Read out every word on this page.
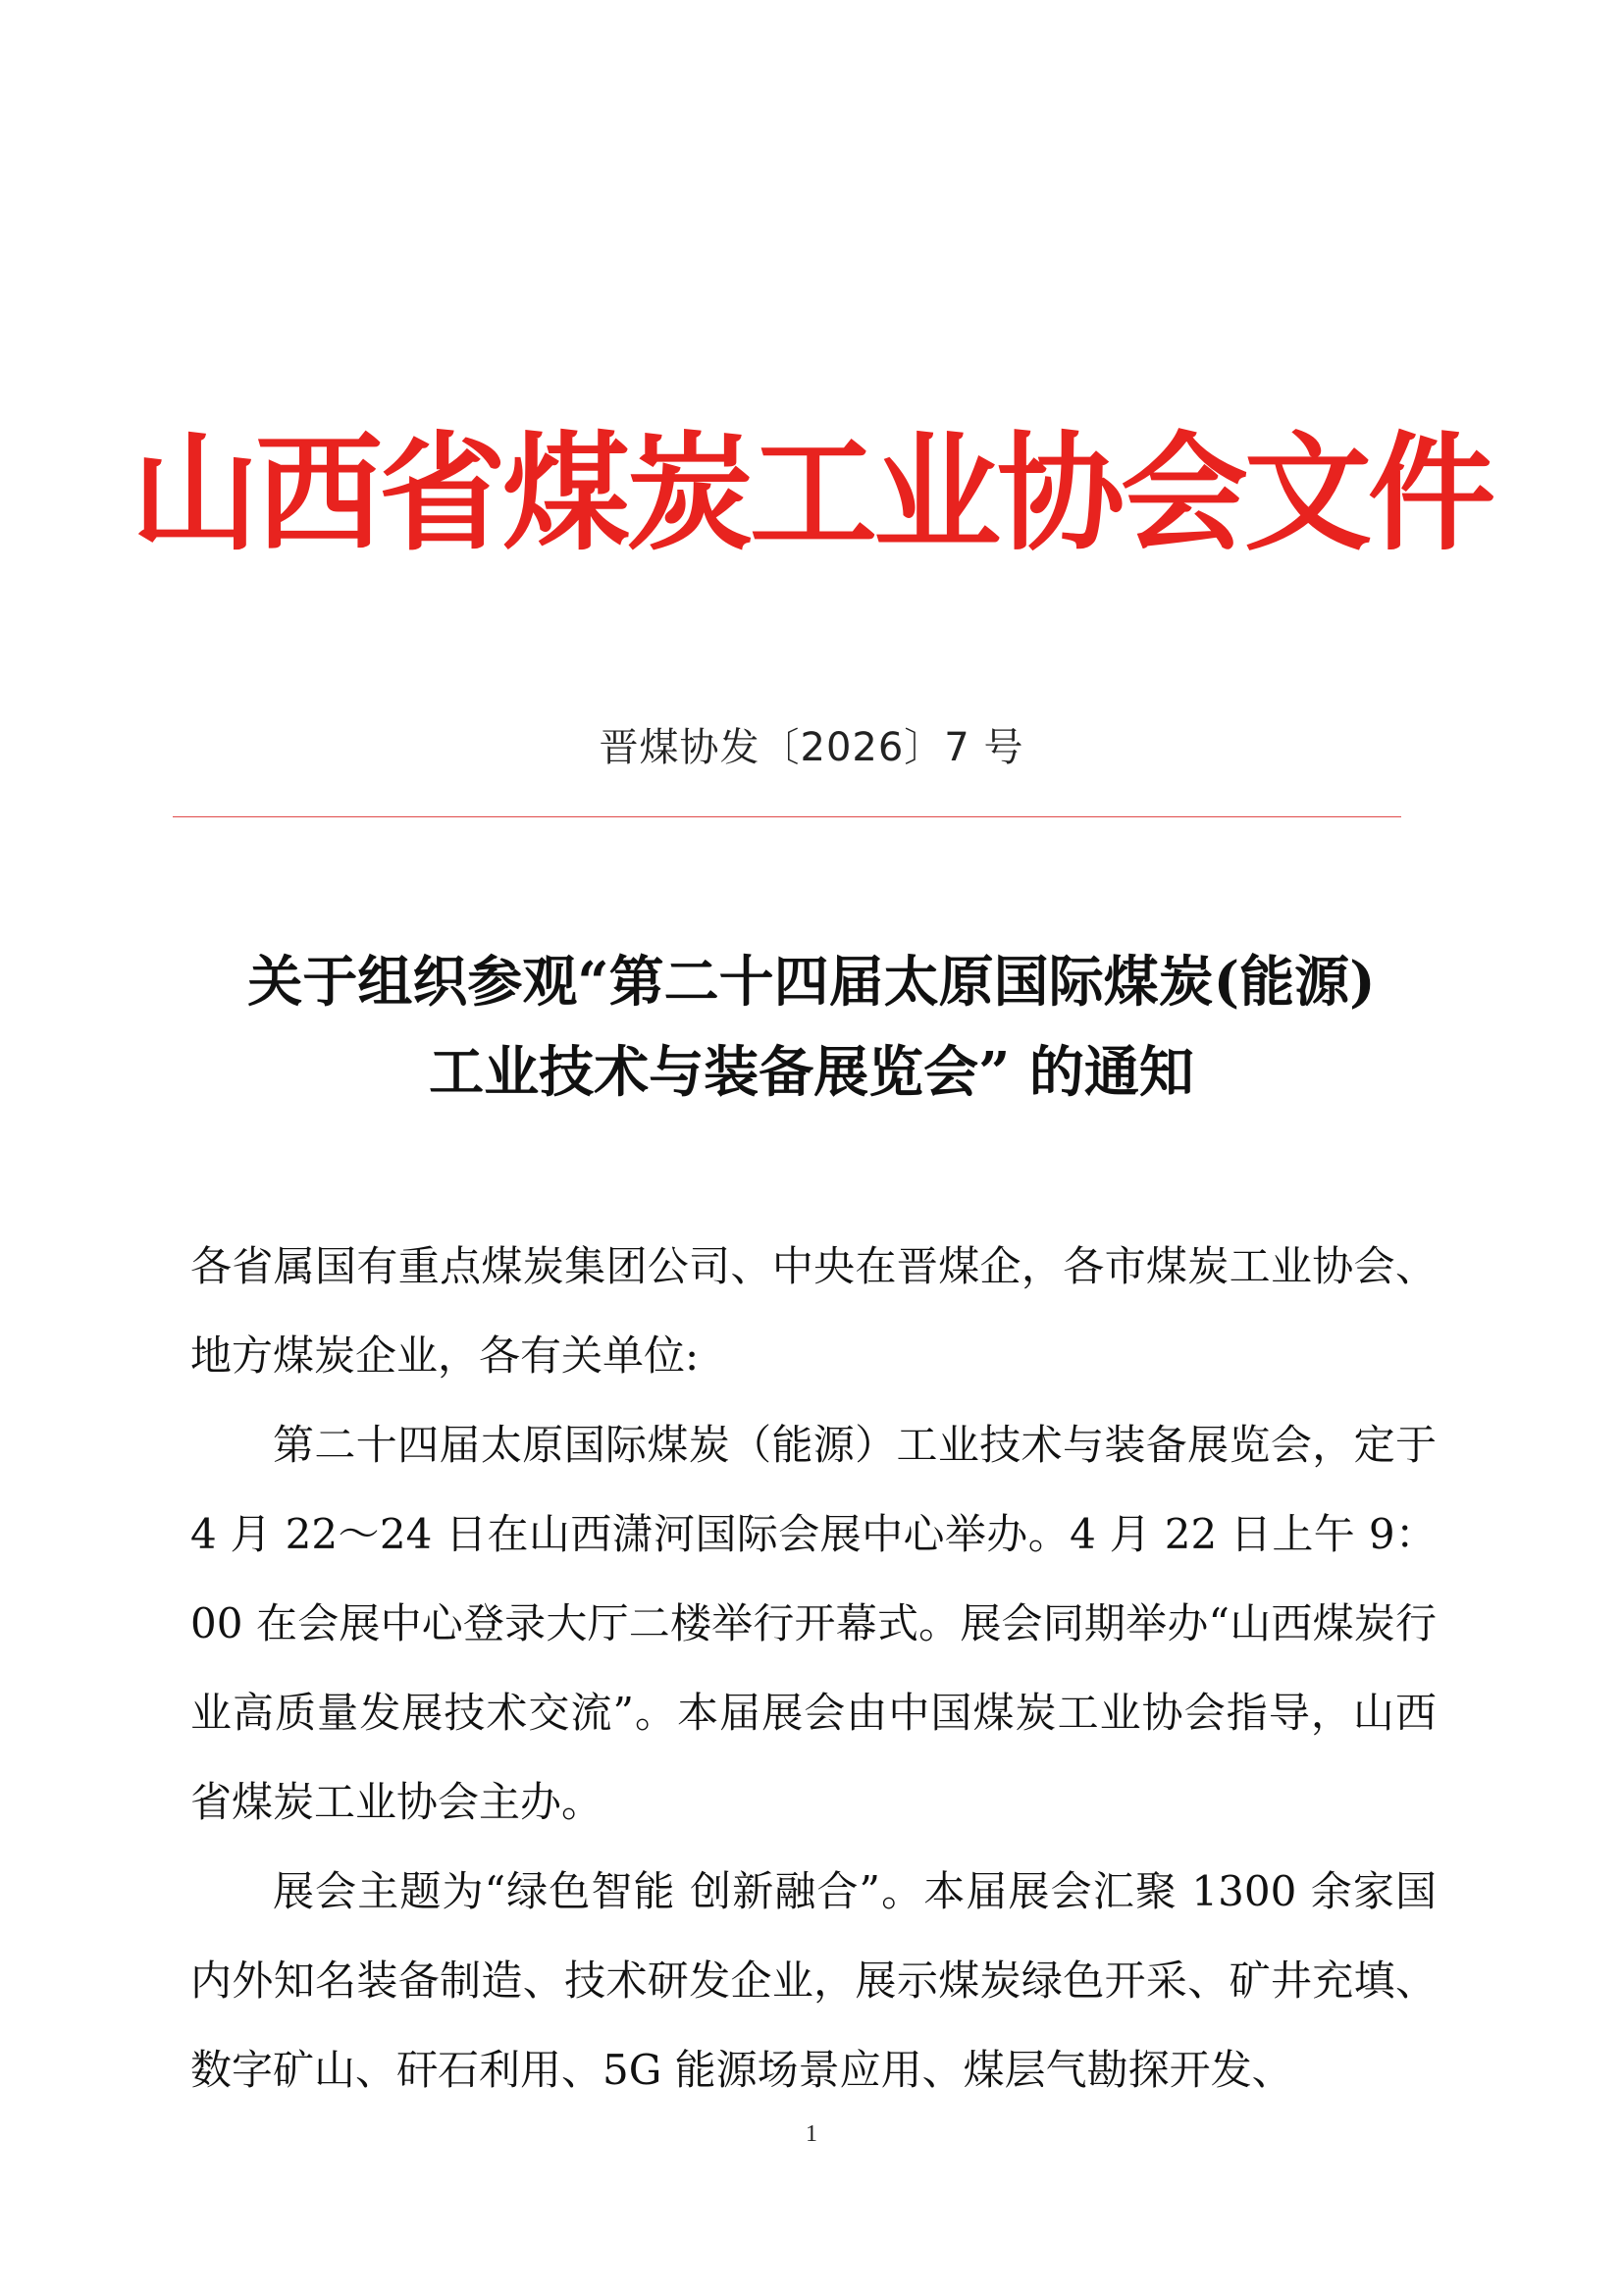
山西省煤炭工业协会文件
晋煤协发〔2026〕7 号
关于组织参观“第二十四届太原国际煤炭(能源)
工业技术与装备展览会” 的通知

各省属国有重点煤炭集团公司、中央在晋煤企，各市煤炭工业协会、地方煤炭企业，各有关单位:

第二十四届太原国际煤炭（能源）工业技术与装备展览会，定于 4 月 22～24 日在山西潇河国际会展中心举办。4 月 22 日上午 9：00 在会展中心登录大厅二楼举行开幕式。展会同期举办“山西煤炭行业高质量发展技术交流”。本届展会由中国煤炭工业协会指导，山西省煤炭工业协会主办。

展会主题为“绿色智能 创新融合”。本届展会汇聚 1300 余家国内外知名装备制造、技术研发企业，展示煤炭绿色开采、矿井充填、数字矿山、矸石利用、5G 能源场景应用、煤层气勘探开发、

1
